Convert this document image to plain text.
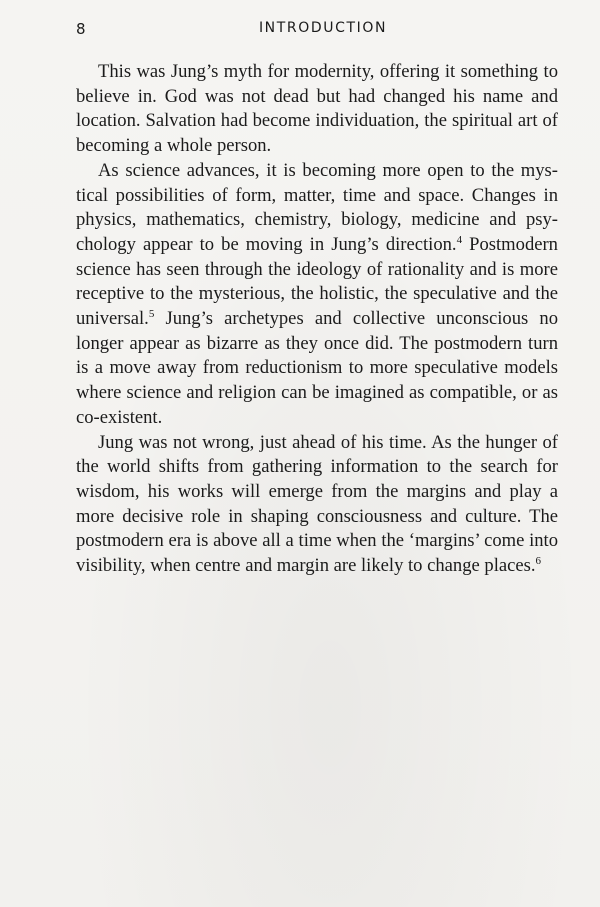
8	INTRODUCTION

This was Jung’s myth for modernity, offering it something to believe in. God was not dead but had changed his name and location. Salvation had become individuation, the spiritual art of becoming a whole person.

As science advances, it is becoming more open to the mystical possibilities of form, matter, time and space. Changes in physics, mathematics, chemistry, biology, medicine and psychology appear to be moving in Jung’s direction.$^4$ Postmodern science has seen through the ideology of rationality and is more receptive to the mysterious, the holistic, the speculative and the universal.$^5$ Jung’s archetypes and collective unconscious no longer appear as bizarre as they once did. The postmodern turn is a move away from reductionism to more speculative models where science and religion can be imagined as compatible, or as co-existent.

Jung was not wrong, just ahead of his time. As the hunger of the world shifts from gathering information to the search for wisdom, his works will emerge from the margins and play a more decisive role in shaping consciousness and culture. The postmodern era is above all a time when the ‘margins’ come into visibility, when centre and margin are likely to change places.$^6$
